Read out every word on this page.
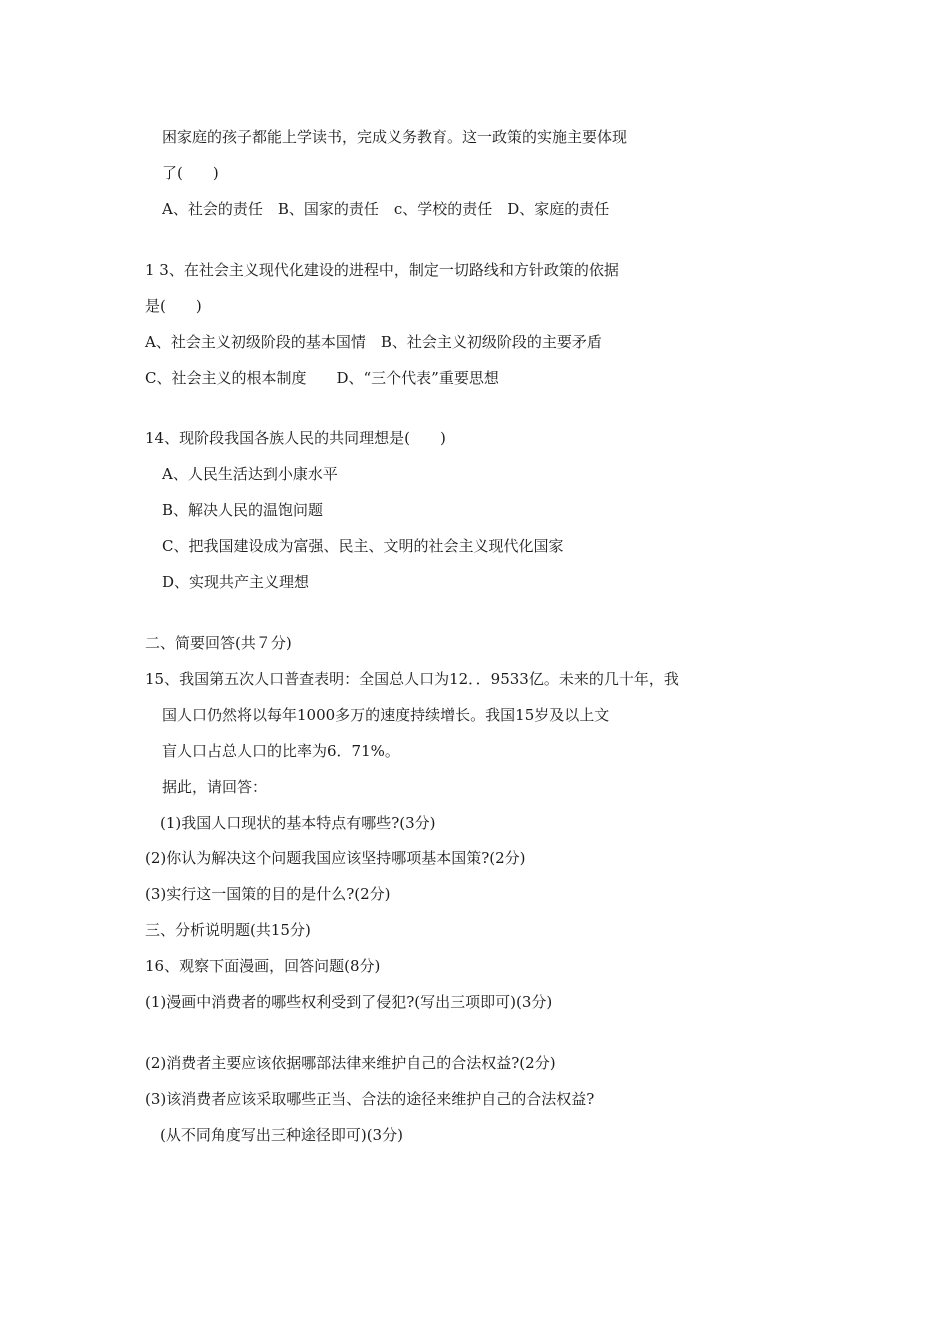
困家庭的孩子都能上学读书，完成义务教育。这一政策的实施主要体现
了(　　)
A、社会的责任　B、国家的责任　c、学校的责任　D、家庭的责任
1 3、在社会主义现代化建设的进程中，制定一切路线和方针政策的依据
是(　　)
A、社会主义初级阶段的基本国情　B、社会主义初级阶段的主要矛盾
C、社会主义的根本制度　　D、“三个代表”重要思想
14、现阶段我国各族人民的共同理想是(　　)
A、人民生活达到小康水平
B、解决人民的温饱问题
C、把我国建设成为富强、民主、文明的社会主义现代化国家
D、实现共产主义理想
二、简要回答(共７分)
15、我国第五次人口普查表明：全国总人口为12．．9533亿。未来的几十年，我
国人口仍然将以每年1000多万的速度持续增长。我国15岁及以上文
盲人口占总人口的比率为6．71%。
据此，请回答：
(1)我国人口现状的基本特点有哪些?(3分)
(2)你认为解决这个问题我国应该坚持哪项基本国策?(2分)
(3)实行这一国策的目的是什么?(2分)
三、分析说明题(共15分)
16、观察下面漫画，回答问题(8分)
(1)漫画中消费者的哪些权利受到了侵犯?(写出三项即可)(3分)
(2)消费者主要应该依据哪部法律来维护自己的合法权益?(2分)
(3)该消费者应该采取哪些正当、合法的途径来维护自己的合法权益?
(从不同角度写出三种途径即可)(3分)
